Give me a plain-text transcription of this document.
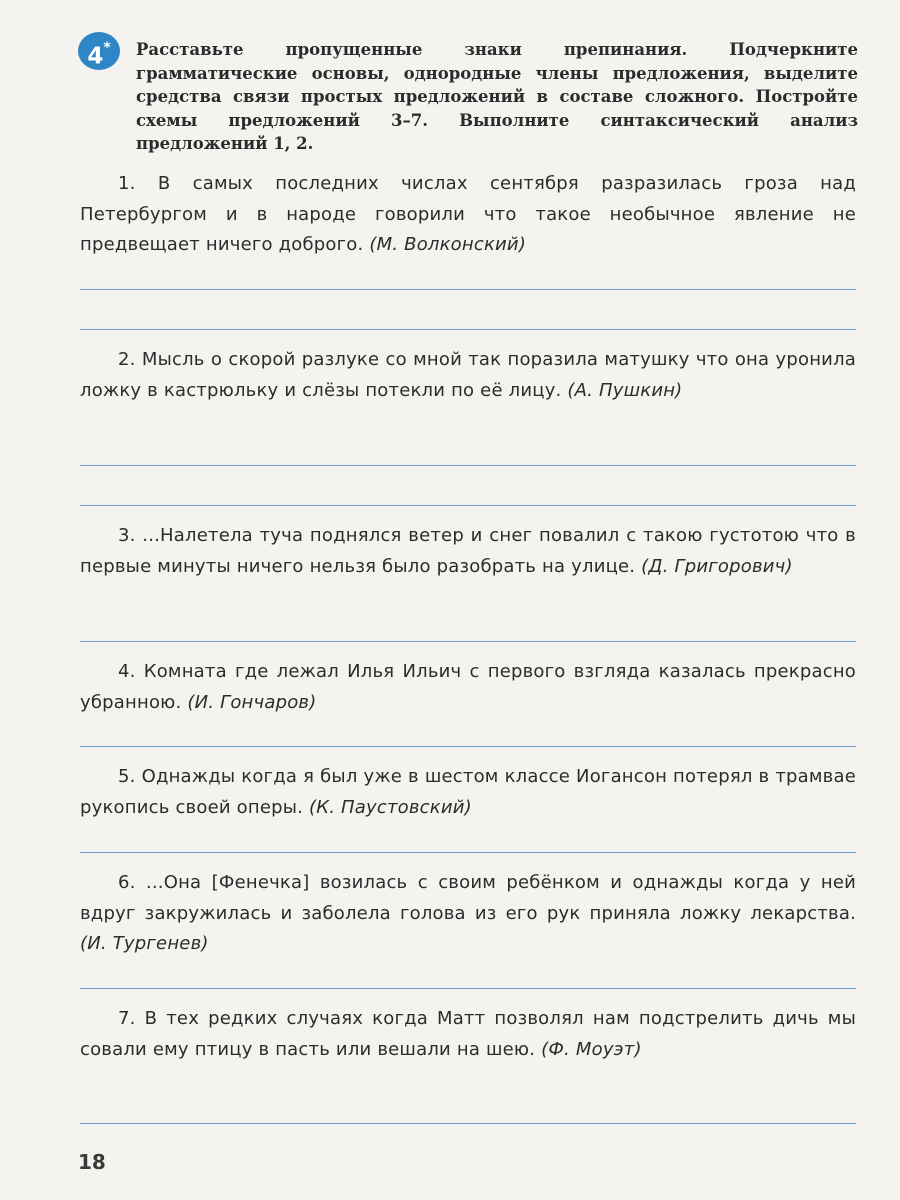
4*	Расставьте пропущенные знаки препинания. Подчеркните грамматические основы, однородные члены предложения, выделите средства связи простых предложений в составе сложного. Постройте схемы предложений 3–7. Выполните синтаксический анализ предложений 1, 2.
1. В самых последних числах сентября разразилась гроза над Петербургом и в народе говорили что такое необычное явление не предвещает ничего доброго. (М. Волконский)
2. Мысль о скорой разлуке со мной так поразила матушку что она уронила ложку в кастрюльку и слёзы потекли по её лицу. (А. Пушкин)
3. ...Налетела туча поднялся ветер и снег повалил с такою густотою что в первые минуты ничего нельзя было разобрать на улице. (Д. Григорович)
4. Комната где лежал Илья Ильич с первого взгляда казалась прекрасно убранною. (И. Гончаров)
5. Однажды когда я был уже в шестом классе Иогансон потерял в трамвае рукопись своей оперы. (К. Паустовский)
6. ...Она [Фенечка] возилась с своим ребёнком и однажды когда у ней вдруг закружилась и заболела голова из его рук приняла ложку лекарства. (И. Тургенев)
7. В тех редких случаях когда Матт позволял нам подстрелить дичь мы совали ему птицу в пасть или вешали на шею. (Ф. Моуэт)
18
